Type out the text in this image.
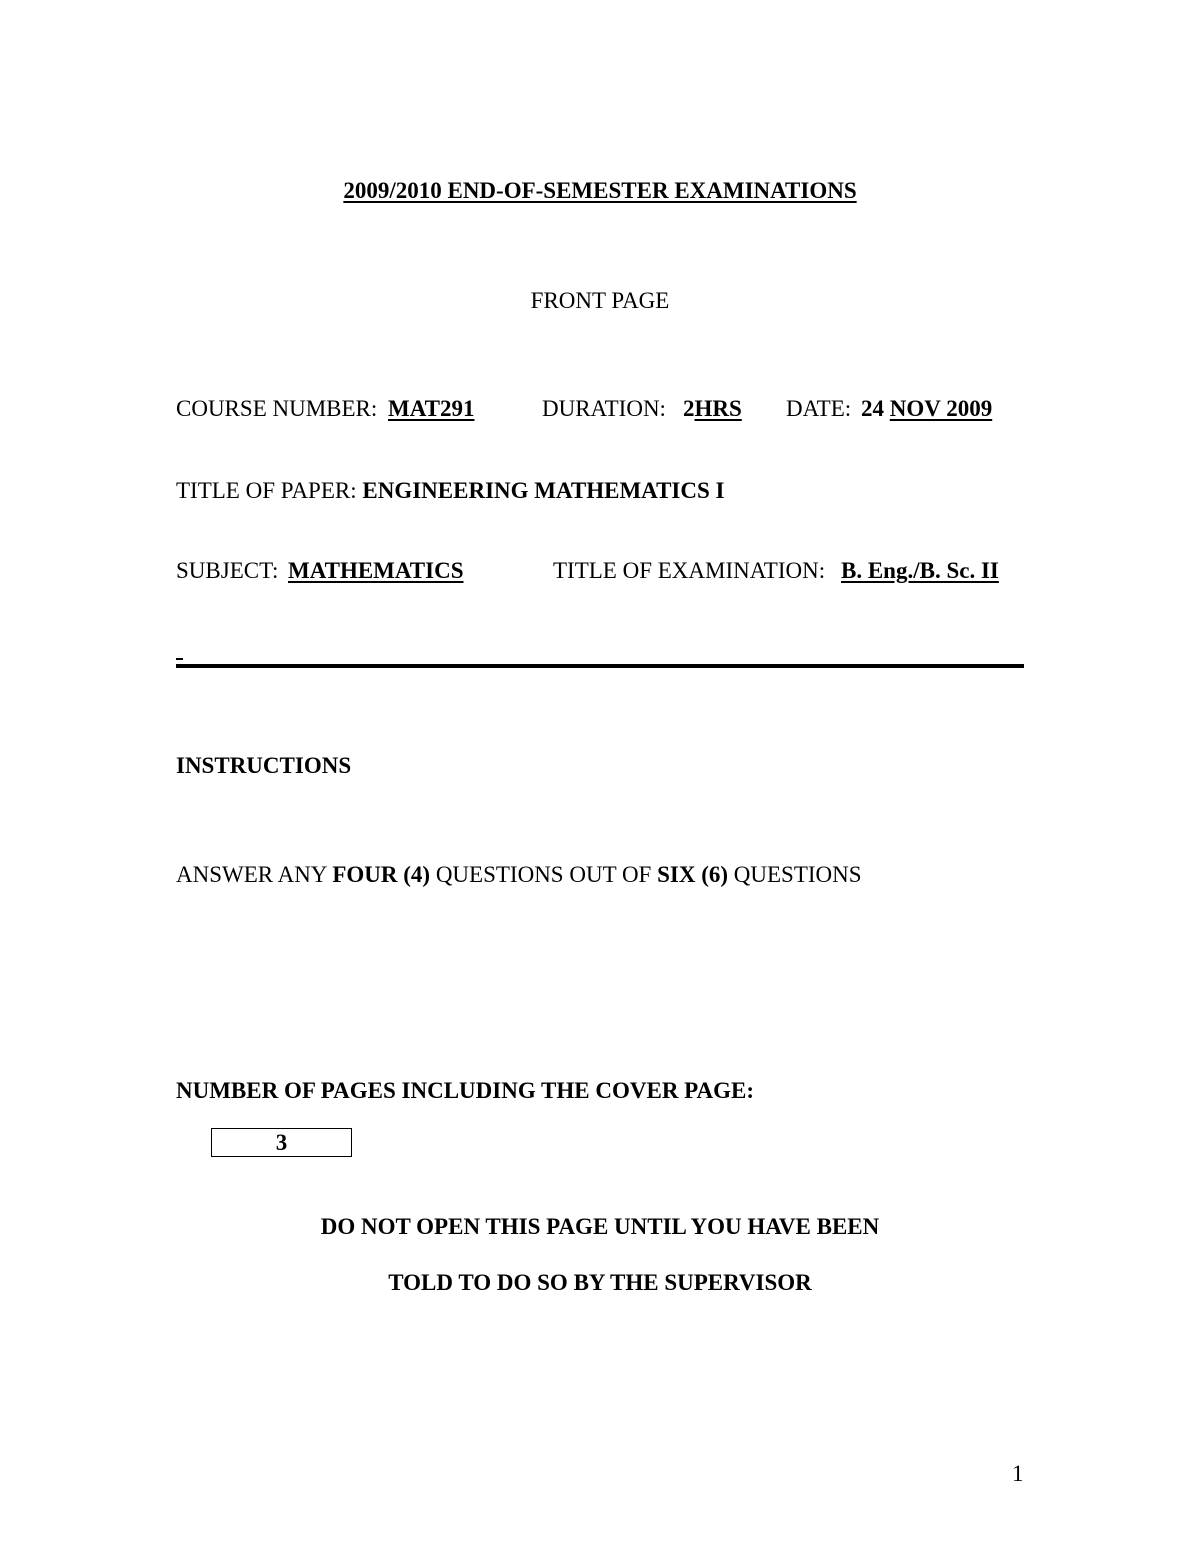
2009/2010 END-OF-SEMESTER EXAMINATIONS
FRONT PAGE
COURSE NUMBER: MAT291	DURATION: 2HRS DATE: 24 NOV 2009
TITLE OF PAPER: ENGINEERING MATHEMATICS I
SUBJECT: MATHEMATICS	TITLE OF EXAMINATION: B. Eng./B. Sc. II
INSTRUCTIONS
ANSWER ANY FOUR (4) QUESTIONS OUT OF SIX (6) QUESTIONS
NUMBER OF PAGES INCLUDING THE COVER PAGE:
3
DO NOT OPEN THIS PAGE UNTIL YOU HAVE BEEN
TOLD TO DO SO BY THE SUPERVISOR
1
